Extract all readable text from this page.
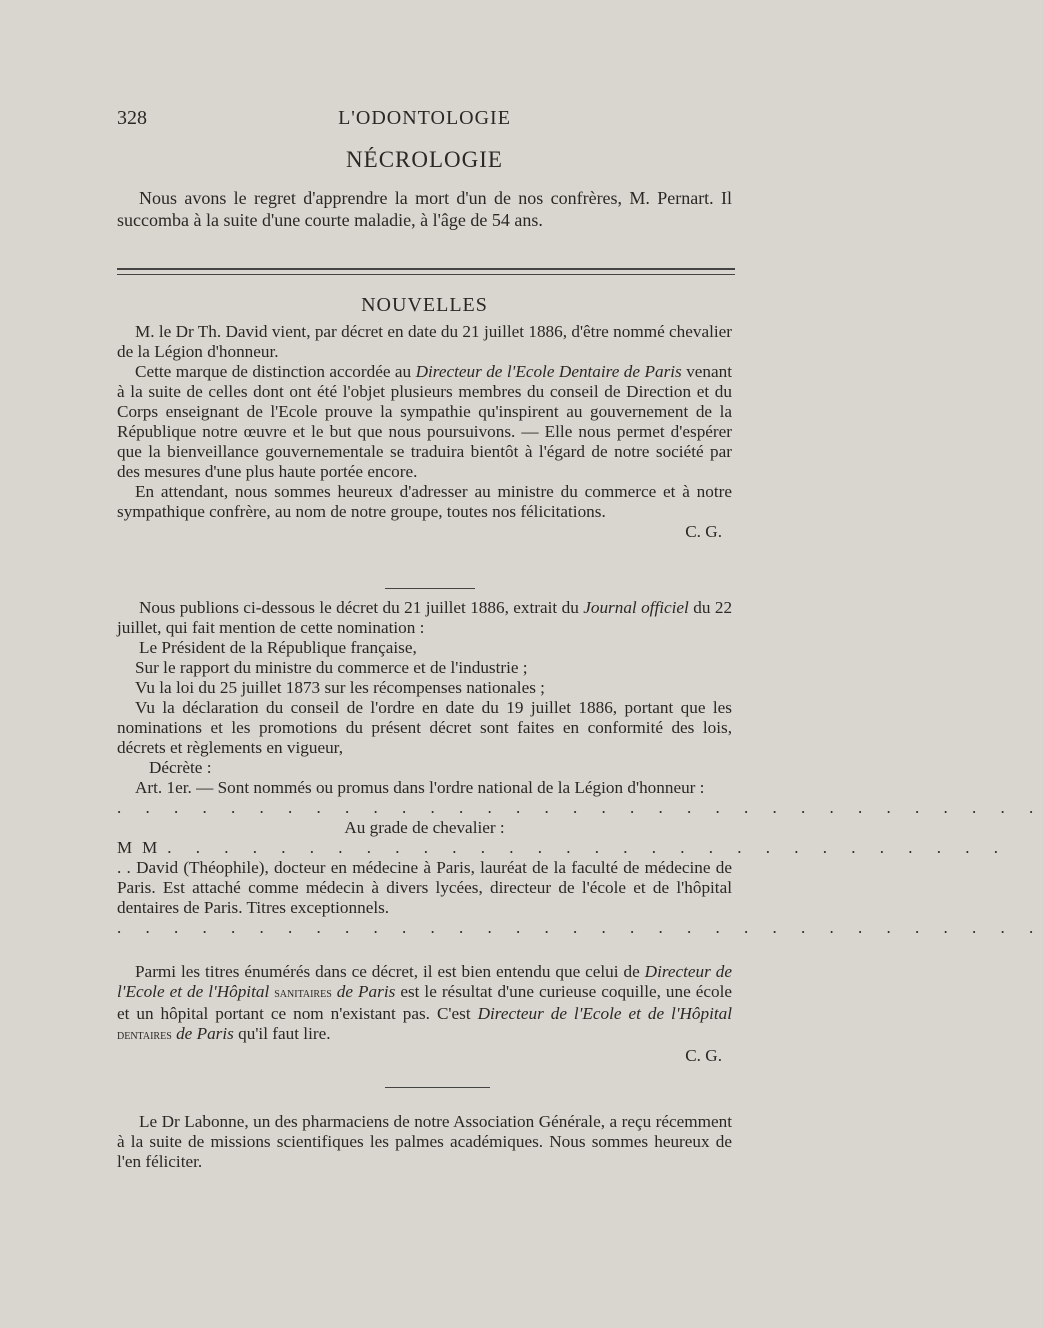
328	L'ODONTOLOGIE
NÉCROLOGIE

Nous avons le regret d'apprendre la mort d'un de nos confrères, M. Pernart. Il succomba à la suite d'une courte maladie, à l'âge de 54 ans.

NOUVELLES

M. le Dr Th. David vient, par décret en date du 21 juillet 1886, d'être nommé chevalier de la Légion d'honneur.

Cette marque de distinction accordée au Directeur de l'Ecole Dentaire de Paris venant à la suite de celles dont ont été l'objet plusieurs membres du conseil de Direction et du Corps enseignant de l'Ecole prouve la sympathie qu'inspirent au gouvernement de la République notre œuvre et le but que nous poursuivons. — Elle nous permet d'espérer que la bienveillance gouvernementale se traduira bientôt à l'égard de notre société par des mesures d'une plus haute portée encore.

En attendant, nous sommes heureux d'adresser au ministre du commerce et à notre sympathique confrère, au nom de notre groupe, toutes nos félicitations.

C. G.

Nous publions ci-dessous le décret du 21 juillet 1886, extrait du Journal officiel du 22 juillet, qui fait mention de cette nomination :

Le Président de la République française,

Sur le rapport du ministre du commerce et de l'industrie ;

Vu la loi du 25 juillet 1873 sur les récompenses nationales ;

Vu la déclaration du conseil de l'ordre en date du 19 juillet 1886, portant que les nominations et les promotions du présent décret sont faites en conformité des lois, décrets et règlements en vigueur,

Décrète :

Art. 1er. — Sont nommés ou promus dans l'ordre national de la Légion d'honneur :

. . . . . . . . . . . . . . . . . . . . . . . . . . . . . . . . .

Au grade de chevalier :

MM. . . . . . . . . . . . . . . . . . . . . . . . . . . . . .

. . David (Théophile), docteur en médecine à Paris, lauréat de la faculté de médecine de Paris. Est attaché comme médecin à divers lycées, directeur de l'école et de l'hôpital dentaires de Paris. Titres exceptionnels.

. . . . . . . . . . . . . . . . . . . . . . . . . . . . . . . . .

Parmi les titres énumérés dans ce décret, il est bien entendu que celui de Directeur de l'Ecole et de l'Hôpital sanitaires de Paris est le résultat d'une curieuse coquille, une école et un hôpital portant ce nom n'existant pas. C'est Directeur de l'Ecole et de l'Hôpital dentaires de Paris qu'il faut lire.

C. G.

Le Dr Labonne, un des pharmaciens de notre Association Générale, a reçu récemment à la suite de missions scientifiques les palmes académiques. Nous sommes heureux de l'en féliciter.
